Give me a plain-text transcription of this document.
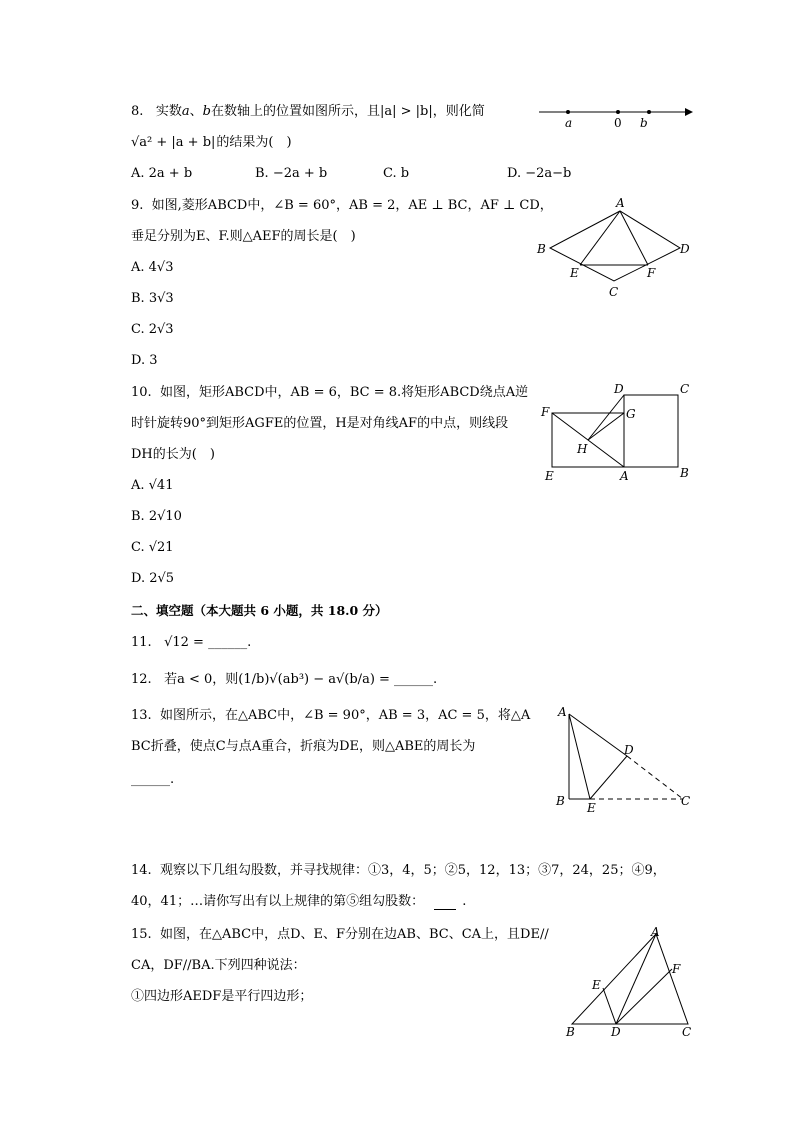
8. 实数a、b在数轴上的位置如图所示，且|a| > |b|，则化简
√a² + |a + b|的结果为(　)
A. 2a + b	B. −2a + b	C. b	D. −2a−b
a	0 b
9. 如图,菱形ABCD中，∠B = 60°，AB = 2，AE ⊥ BC，AF ⊥ CD，
垂足分别为E、F.则△AEF的周长是(　)
A. 4√3
B. 3√3
C. 2√3
D. 3
A
B
C
D
E	F
10. 如图，矩形ABCD中，AB = 6，BC = 8.将矩形ABCD绕点A逆
时针旋转90°到矩形AGFE的位置，H是对角线AF的中点，则线段
DH的长为(　)
A. √41
B. 2√10
C. √21
D. 2√5
D	C
F	G
H
E	A	B
二、填空题（本大题共 6 小题，共 18.0 分）
11. √12 = ______.
12. 若a < 0，则(1/b)√(ab³) − a√(b/a) = ______.
13. 如图所示，在△ABC中，∠B = 90°，AB = 3，AC = 5，将△A
BC折叠，使点C与点A重合，折痕为DE，则△ABE的周长为
______.
A
D
B E	C
14. 观察以下几组勾股数，并寻找规律：①3，4，5；②5，12，13；③7，24，25；④9，
40，41；…请你写出有以上规律的第⑤组勾股数：	.
15. 如图，在△ABC中，点D、E、F分别在边AB、BC、CA上，且DE//
CA，DF//BA.下列四种说法：
①四边形AEDF是平行四边形；
A
E
F
B	D	C
